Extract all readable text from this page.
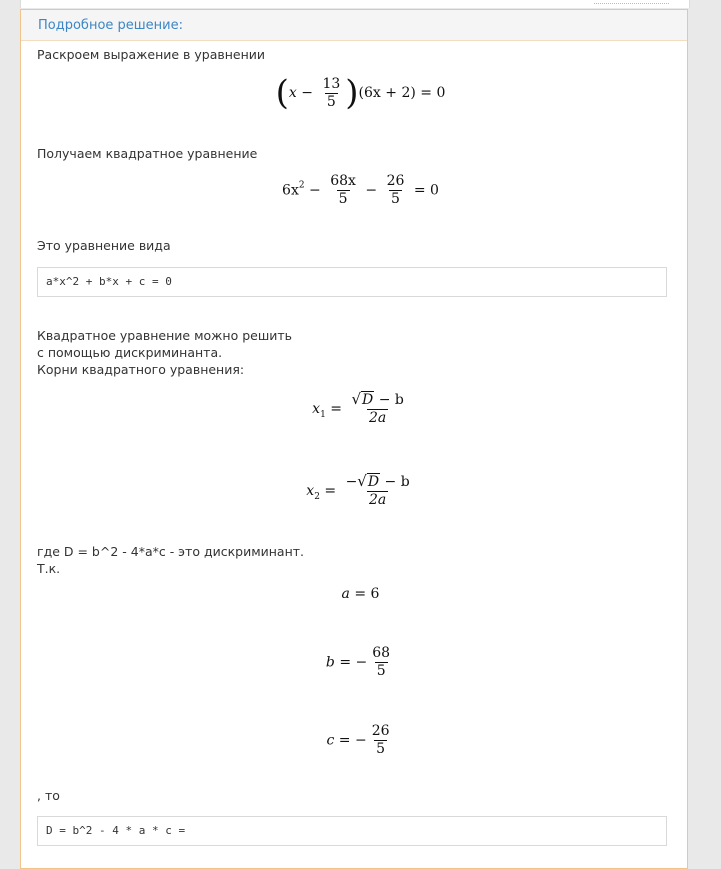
Подробное решение:
Раскроем выражение в уравнении
$(x - \frac{13}{5} )(6x + 2) = 0$
Получаем квадратное уравнение
$6x^2 - \frac{68x}{5} - \frac{26}{5} = 0$
Это уравнение вида
a*x^2 + b*x + c = 0
Квадратное уравнение можно решить
с помощью дискриминанта.
Корни квадратного уравнения:
$x_1 = \frac{√D - b}{2a}$
$x_2 = \frac{-√D - b}{2a}$
где D = b^2 - 4*a*c - это дискриминант.
Т.к.
a = 6
b = − $\frac{68}{5}$
c = − $\frac{26}{5}$
, то
D = b^2 - 4 * a * c =
